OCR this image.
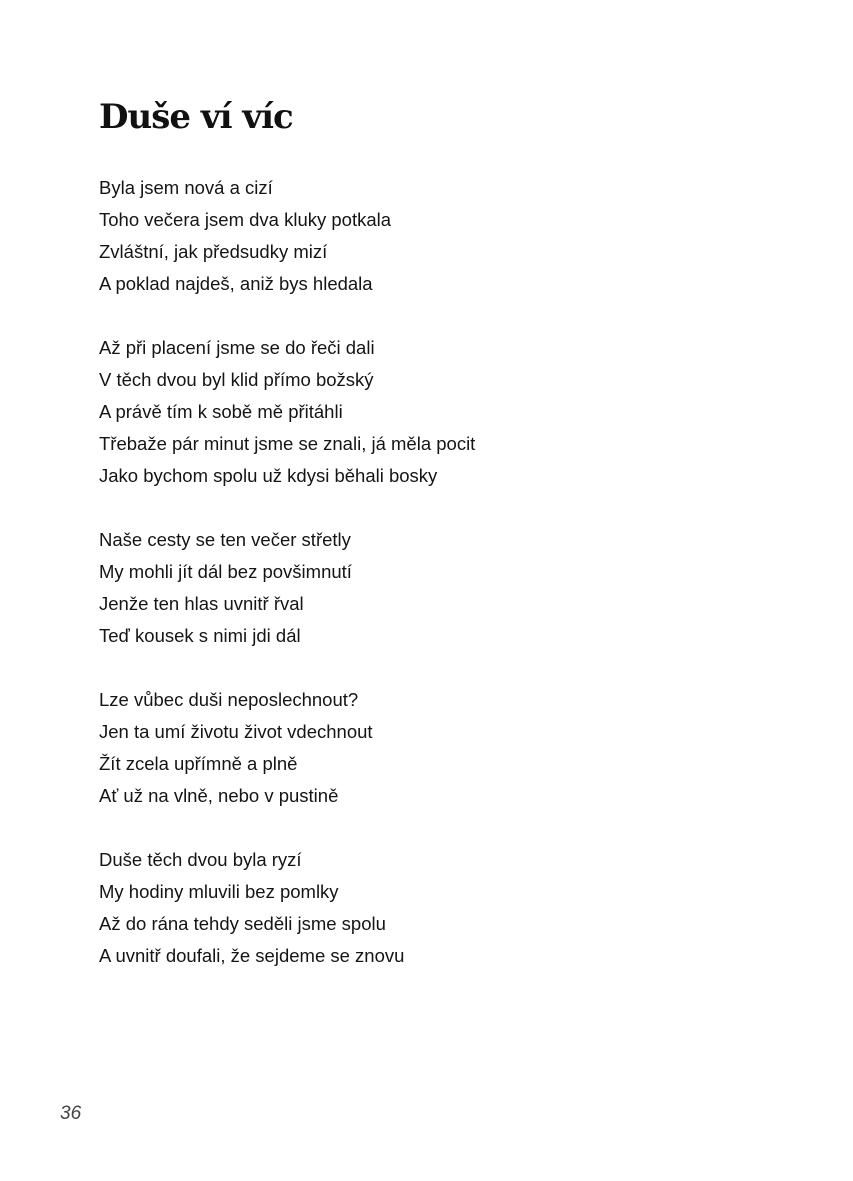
Duše ví víc
Byla jsem nová a cizí
Toho večera jsem dva kluky potkala
Zvláštní, jak předsudky mizí
A poklad najdeš, aniž bys hledala
Až při placení jsme se do řeči dali
V těch dvou byl klid přímo božský
A právě tím k sobě mě přitáhli
Třebaže pár minut jsme se znali, já měla pocit
Jako bychom spolu už kdysi běhali bosky
Naše cesty se ten večer střetly
My mohli jít dál bez povšimnutí
Jenže ten hlas uvnitř řval
Teď kousek s nimi jdi dál
Lze vůbec duši neposlechnout?
Jen ta umí životu život vdechnout
Žít zcela upřímně a plně
Ať už na vlně, nebo v pustině
Duše těch dvou byla ryzí
My hodiny mluvili bez pomlky
Až do rána tehdy seděli jsme spolu
A uvnitř doufali, že sejdeme se znovu
36
